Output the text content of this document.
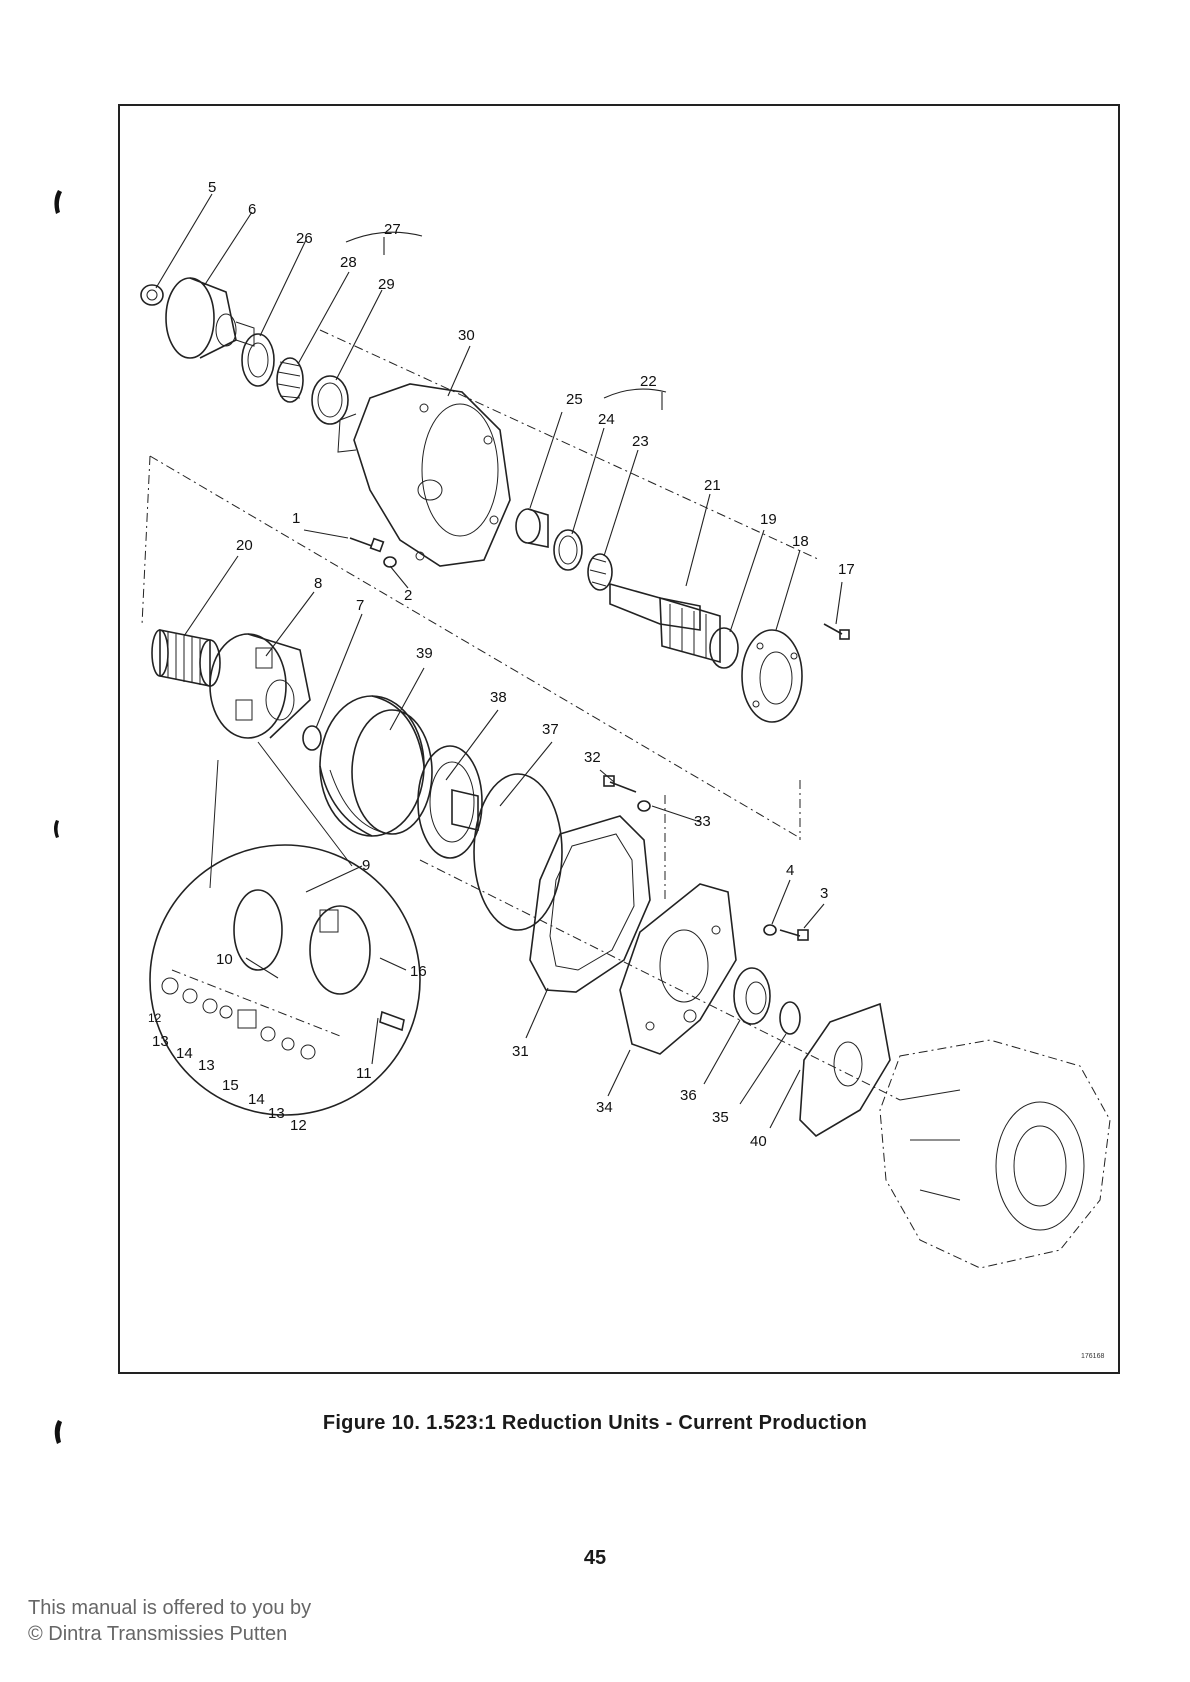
5
6
26
27
28
29
30
22
25
24
23
21
19
18
17
1
2
20
8
7
39
38
37
32
33
4
3
31
34
36
35
40
9
10
16
11
12
13
14
13
15
14
13
12
176168
Figure 10. 1.523:1 Reduction Units - Current Production
45
This manual is offered to you by
© Dintra Transmissies Putten
